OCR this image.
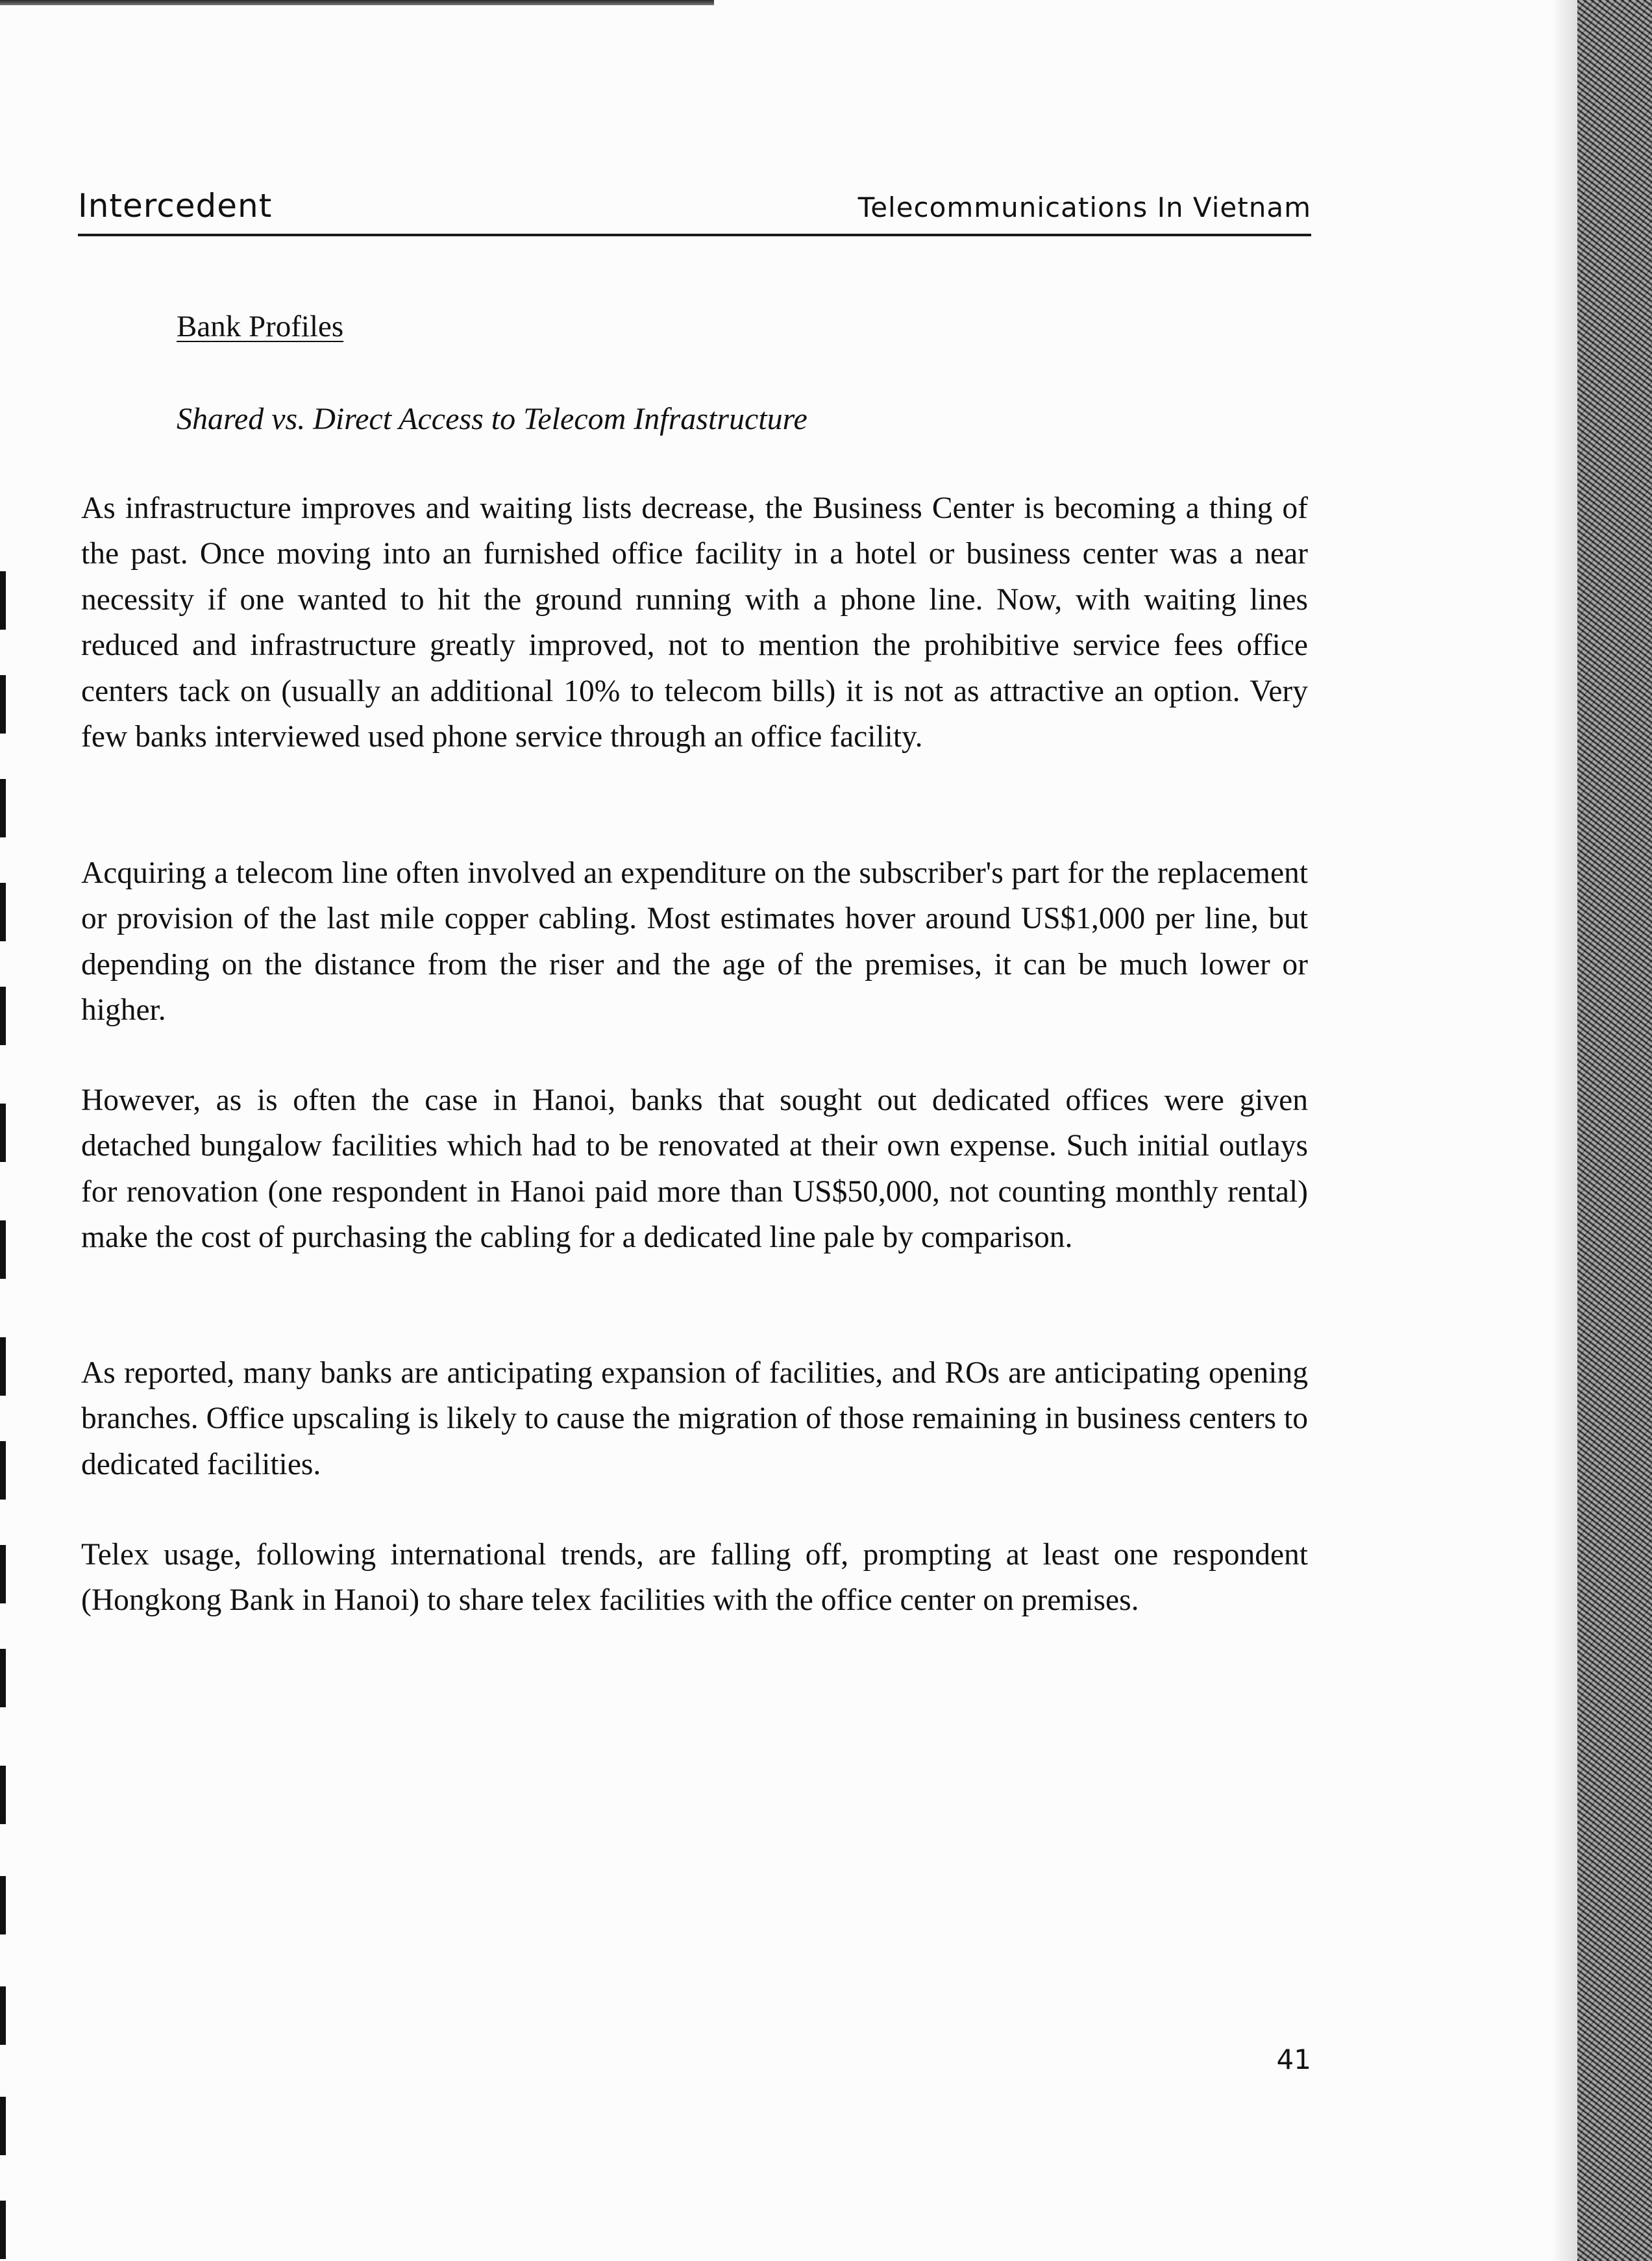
Intercedent	Telecommunications In Vietnam
Bank Profiles
Shared vs. Direct Access to Telecom Infrastructure

As infrastructure improves and waiting lists decrease, the Business Center is becoming a thing of the past. Once moving into an furnished office facility in a hotel or business center was a near necessity if one wanted to hit the ground running with a phone line. Now, with waiting lines reduced and infrastructure greatly improved, not to mention the prohibitive service fees office centers tack on (usually an additional 10% to telecom bills) it is not as attractive an option. Very few banks interviewed used phone service through an office facility.

Acquiring a telecom line often involved an expenditure on the subscriber's part for the replacement or provision of the last mile copper cabling. Most estimates hover around US$1,000 per line, but depending on the distance from the riser and the age of the premises, it can be much lower or higher.

However, as is often the case in Hanoi, banks that sought out dedicated offices were given detached bungalow facilities which had to be renovated at their own expense. Such initial outlays for renovation (one respondent in Hanoi paid more than US$50,000, not counting monthly rental) make the cost of purchasing the cabling for a dedicated line pale by comparison.

As reported, many banks are anticipating expansion of facilities, and ROs are anticipating opening branches. Office upscaling is likely to cause the migration of those remaining in business centers to dedicated facilities.

Telex usage, following international trends, are falling off, prompting at least one respondent (Hongkong Bank in Hanoi) to share telex facilities with the office center on premises.

41
